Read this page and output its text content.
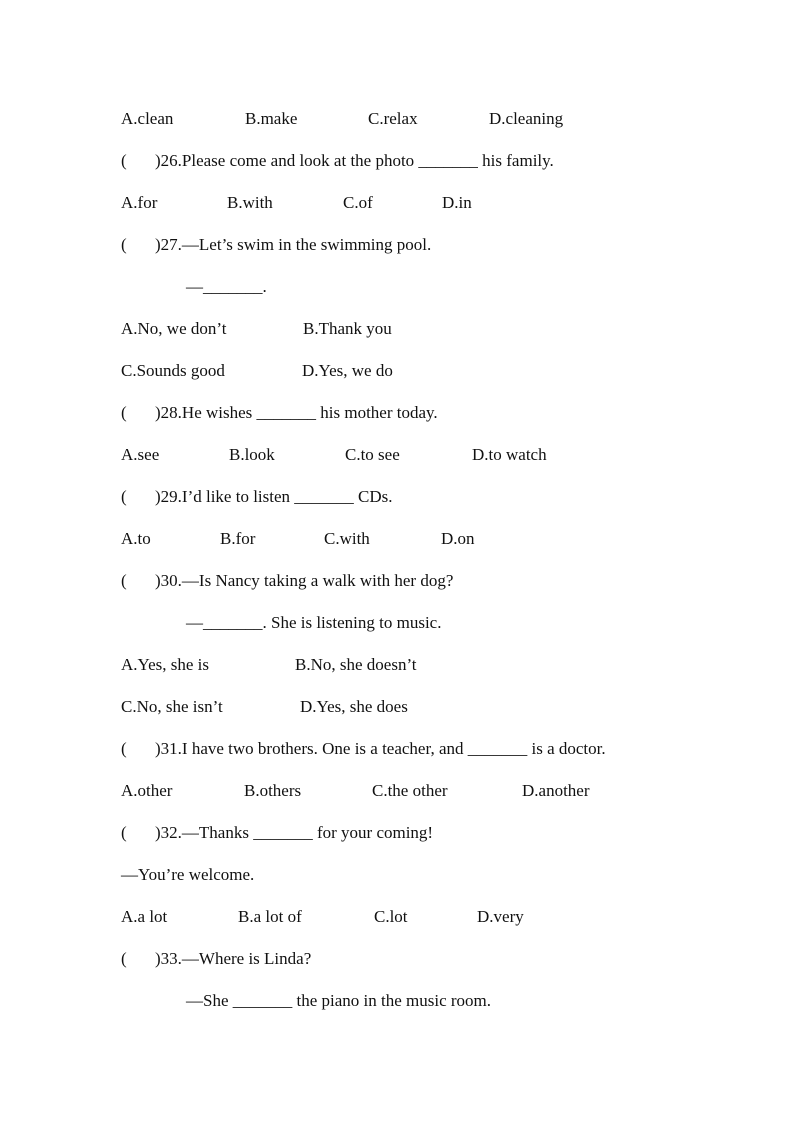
A.clean	B.make	C.relax	D.cleaning
( )26.Please come and look at the photo _______ his family.
A.for	B.with	C.of	D.in
( )27.—Let’s swim in the swimming pool.
—_______.
A.No, we don’t	B.Thank you
C.Sounds good	D.Yes, we do
( )28.He wishes _______ his mother today.
A.see	B.look	C.to see	D.to watch
( )29.I’d like to listen _______ CDs.
A.to	B.for	C.with	D.on
( )30.—Is Nancy taking a walk with her dog?
—_______. She is listening to music.
A.Yes, she is	B.No, she doesn’t
C.No, she isn’t	D.Yes, she does
( )31.I have two brothers. One is a teacher, and _______ is a doctor.
A.other	B.others	C.the other	D.another
( )32.—Thanks _______ for your coming!
—You’re welcome.
A.a lot	B.a lot of	C.lot	D.very
( )33.—Where is Linda?
—She _______ the piano in the music room.
